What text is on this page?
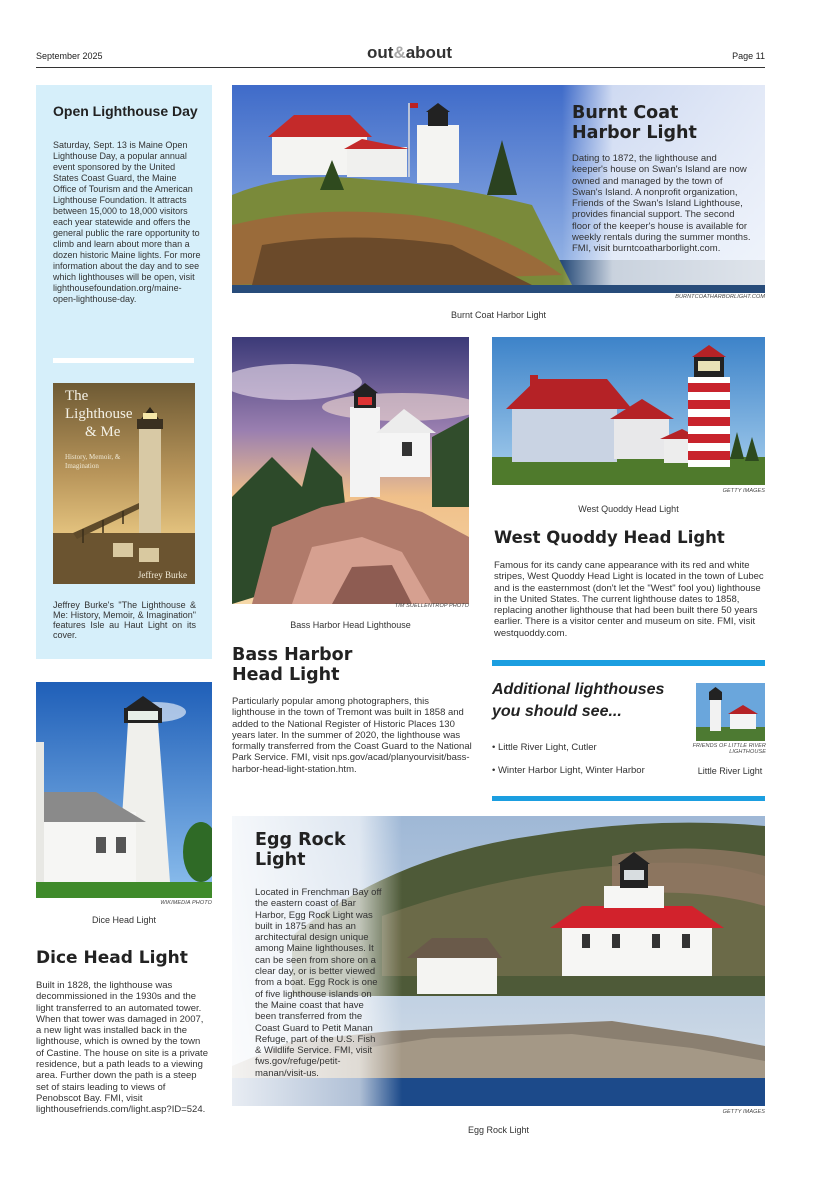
September 2025	out&about	Page 11
Open Lighthouse Day
Saturday, Sept. 13 is Maine Open Lighthouse Day, a popular annual event sponsored by the United States Coast Guard, the Maine Office of Tourism and the American Lighthouse Foundation. It attracts between 15,000 to 18,000 visitors each year statewide and offers the general public the rare opportunity to climb and learn about more than a dozen historic Maine lights. For more information about the day and to see which lighthouses will be open, visit lighthousefoundation.org/maine-open-lighthouse-day.
The
Lighthouse
& Me
History, Memoir, & Imagination
Jeffrey Burke
Jeffrey Burke's "The Lighthouse & Me: History, Memoir, & Imagination" features Isle au Haut Light on its cover.
Burnt Coat
Harbor Light
Dating to 1872, the lighthouse and keeper's house on Swan's Island are now owned and managed by the town of Swan's Island. A nonprofit organization, Friends of the Swan's Island Lighthouse, provides financial support. The second floor of the keeper's house is available for weekly rentals during the summer months. FMI, visit burntcoatharborlight.com.
BURNTCOATHARBORLIGHT.COM
Burnt Coat Harbor Light
TIM SUELLENTROP PHOTO
Bass Harbor Head Lighthouse
Bass Harbor
Head Light
Particularly popular among photographers, this lighthouse in the town of Tremont was built in 1858 and added to the National Register of Historic Places 130 years later. In the summer of 2020, the lighthouse was formally transferred from the Coast Guard to the National Park Service. FMI, visit nps.gov/acad/planyourvisit/bass-harbor-head-light-station.htm.
GETTY IMAGES
West Quoddy Head Light
West Quoddy Head Light
Famous for its candy cane appearance with its red and white stripes, West Quoddy Head Light is located in the town of Lubec and is the easternmost (don't let the "West" fool you) lighthouse in the United States. The current lighthouse dates to 1858, replacing another lighthouse that had been built there 50 years earlier. There is a visitor center and museum on site. FMI, visit westquoddy.com.
Additional lighthouses
you should see...
FRIENDS OF LITTLE RIVER
LIGHTHOUSE
• Little River Light, Cutler
• Winter Harbor Light, Winter Harbor	Little River Light
WIKIMEDIA PHOTO
Dice Head Light
Dice Head Light
Built in 1828, the lighthouse was decommissioned in the 1930s and the light transferred to an automated tower. When that tower was damaged in 2007, a new light was installed back in the lighthouse, which is owned by the town of Castine. The house on site is a private residence, but a path leads to a viewing area. Further down the path is a steep set of stairs leading to views of Penobscot Bay. FMI, visit lighthousefriends.com/light.asp?ID=524.
Egg Rock
Light
Located in Frenchman Bay off the eastern coast of Bar Harbor, Egg Rock Light was built in 1875 and has an architectural design unique among Maine lighthouses. It can be seen from shore on a clear day, or is better viewed from a boat. Egg Rock is one of five lighthouse islands on the Maine coast that have been transferred from the Coast Guard to Petit Manan Refuge, part of the U.S. Fish & Wildlife Service. FMI, visit fws.gov/refuge/petit-manan/visit-us.
GETTY IMAGES
Egg Rock Light
